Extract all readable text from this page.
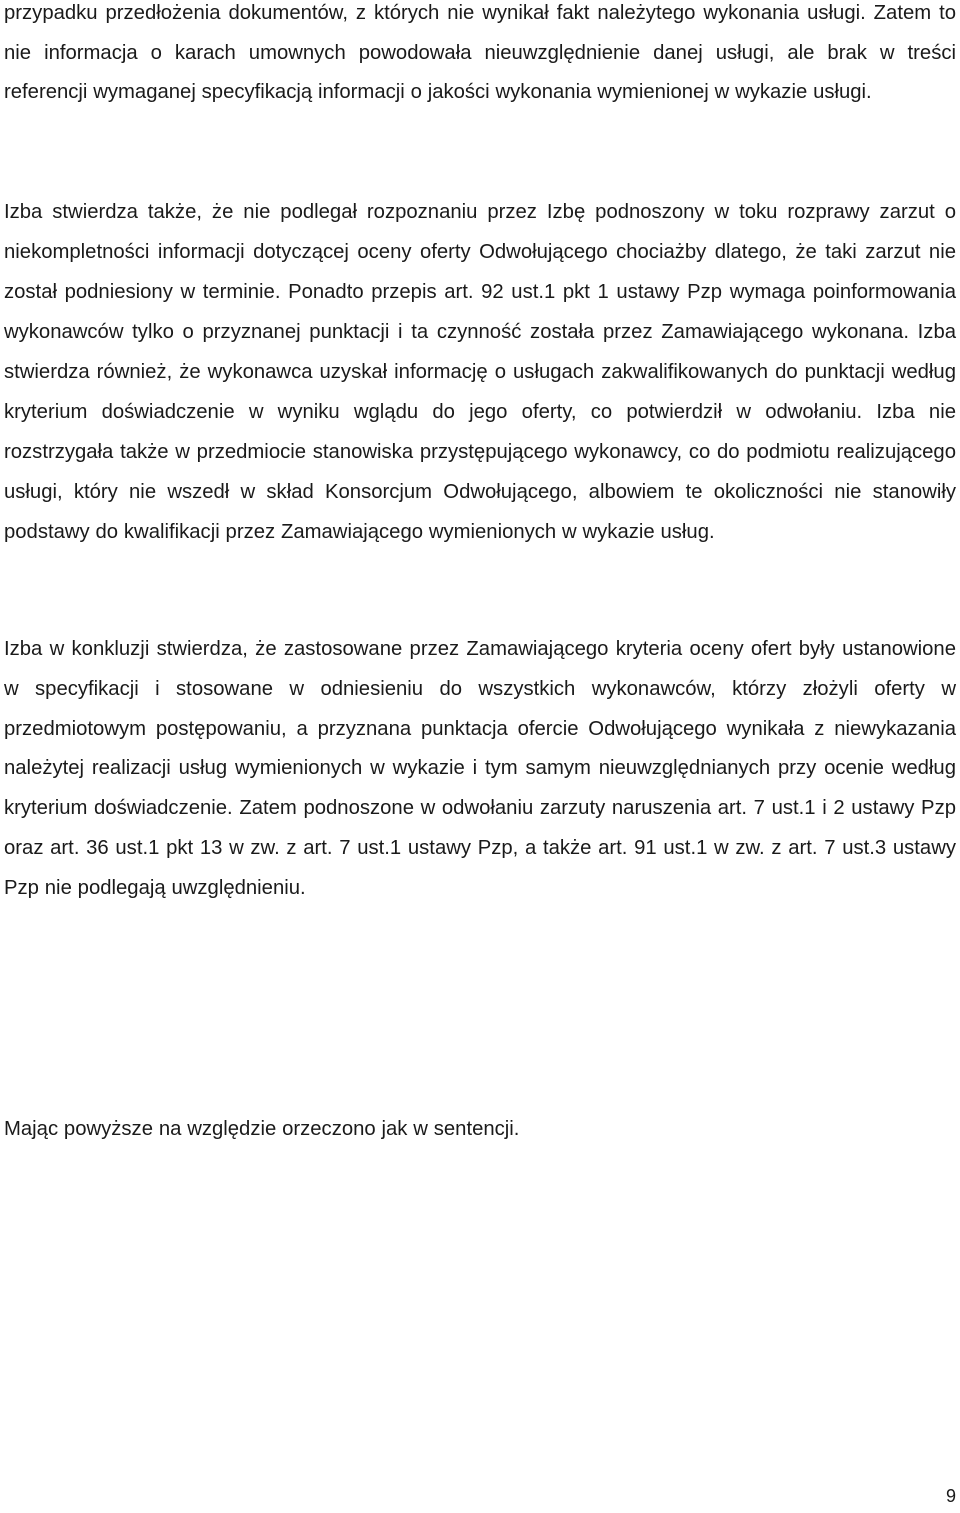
przypadku przedłożenia dokumentów, z których nie wynikał fakt należytego wykonania usługi. Zatem to nie informacja o karach umownych powodowała nieuwzględnienie danej usługi, ale brak w treści referencji wymaganej specyfikacją informacji o jakości wykonania wymienionej w wykazie usługi.

Izba stwierdza także, że nie podlegał rozpoznaniu przez Izbę podnoszony w toku rozprawy zarzut o niekompletności informacji dotyczącej oceny oferty Odwołującego chociażby dlatego, że taki zarzut nie został podniesiony w terminie. Ponadto przepis art. 92 ust.1 pkt 1 ustawy Pzp wymaga poinformowania wykonawców tylko o przyznanej punktacji i ta czynność została przez Zamawiającego wykonana. Izba stwierdza również, że wykonawca uzyskał informację o usługach zakwalifikowanych do punktacji według kryterium doświadczenie w wyniku wglądu do jego oferty, co potwierdził w odwołaniu. Izba nie rozstrzygała także w przedmiocie stanowiska przystępującego wykonawcy, co do podmiotu realizującego usługi, który nie wszedł w skład Konsorcjum Odwołującego, albowiem te okoliczności nie stanowiły podstawy do kwalifikacji przez Zamawiającego wymienionych w wykazie usług.

Izba w konkluzji stwierdza, że zastosowane przez Zamawiającego kryteria oceny ofert były ustanowione w specyfikacji i stosowane w odniesieniu do wszystkich wykonawców, którzy złożyli oferty w przedmiotowym postępowaniu, a przyznana punktacja ofercie Odwołującego wynikała z niewykazania należytej realizacji usług wymienionych w wykazie i tym samym nieuwzględnianych przy ocenie według kryterium doświadczenie. Zatem podnoszone w odwołaniu zarzuty naruszenia art. 7 ust.1 i 2 ustawy Pzp oraz art. 36 ust.1 pkt 13 w zw. z art. 7 ust.1 ustawy Pzp, a także art. 91 ust.1 w zw. z art. 7 ust.3 ustawy Pzp nie podlegają uwzględnieniu.

Mając powyższe na względzie orzeczono jak w sentencji.

9
